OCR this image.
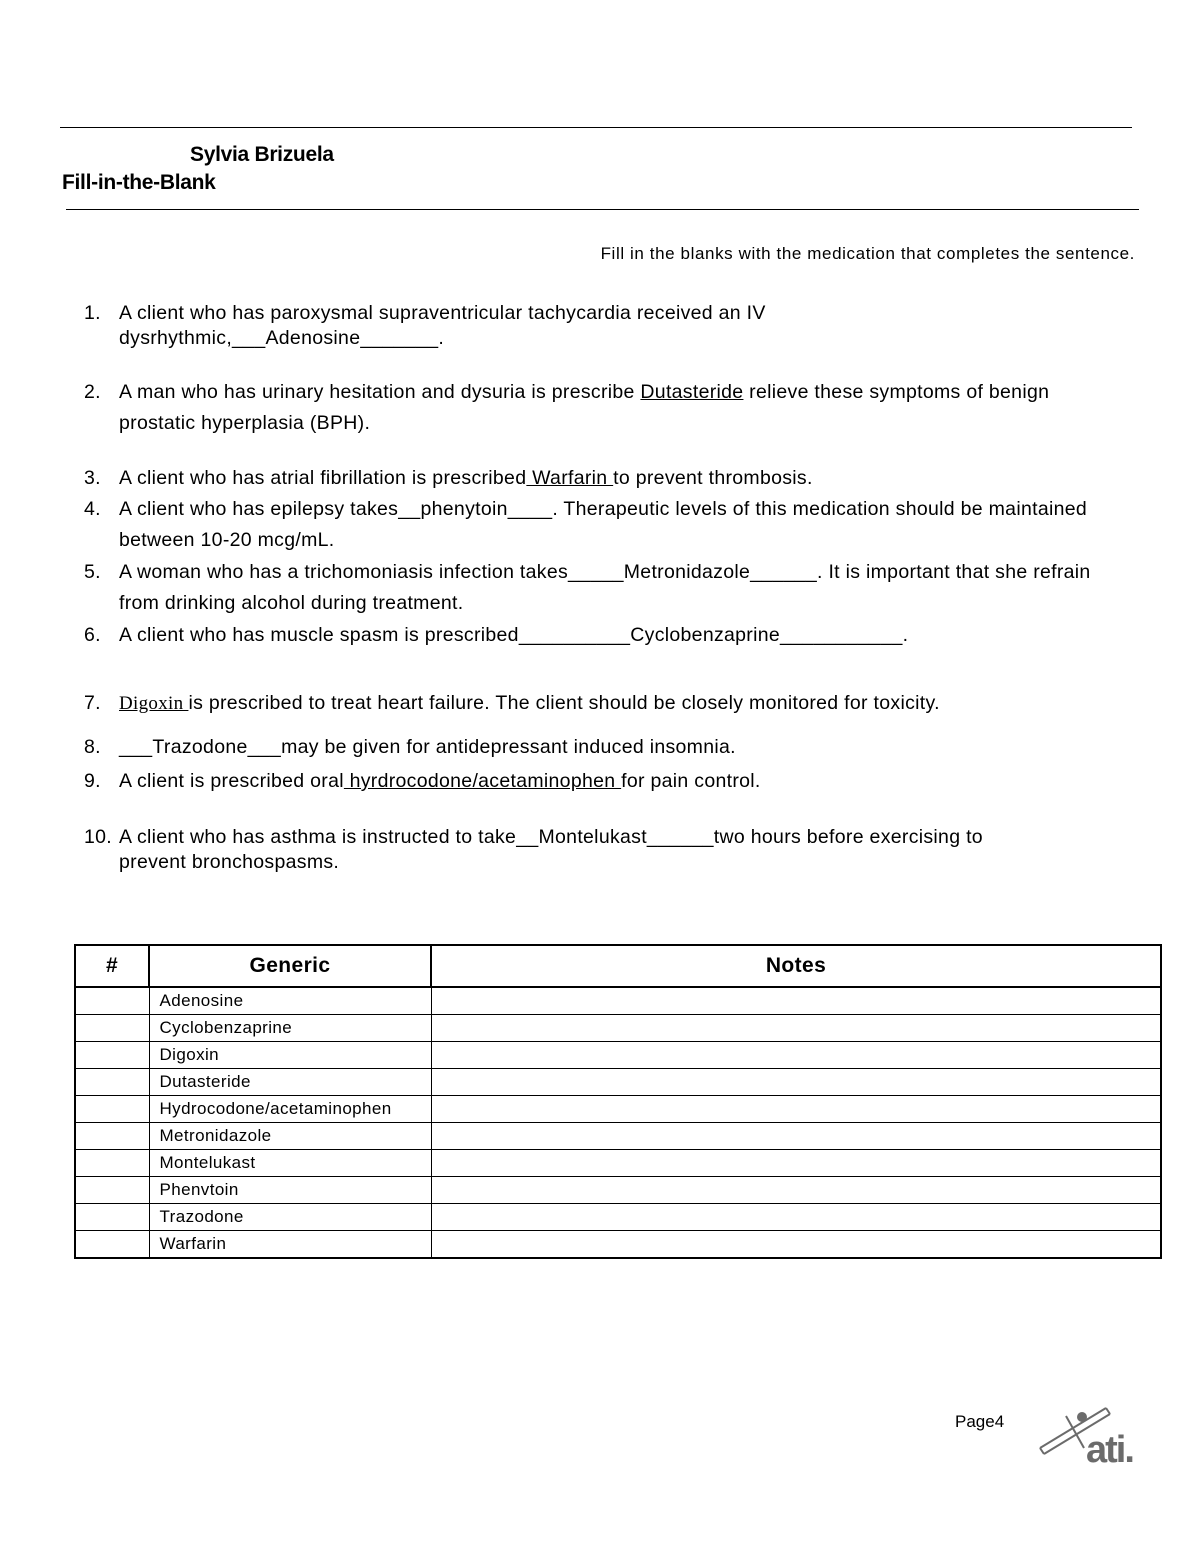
Sylvia Brizuela
Fill-in-the-Blank
Fill in the blanks with the medication that completes the sentence.
1. A client who has paroxysmal supraventricular tachycardia received an IV
dysrhythmic,___Adenosine_______.
2. A man who has urinary hesitation and dysuria is prescribe Dutasteride relieve these symptoms of benign prostatic hyperplasia (BPH).
3. A client who has atrial fibrillation is prescribed Warfarin to prevent thrombosis.
4. A client who has epilepsy takes__phenytoin____. Therapeutic levels of this medication should be maintained between 10-20 mcg/mL.
5. A woman who has a trichomoniasis infection takes_____Metronidazole______. It is important that she refrain from drinking alcohol during treatment.
6. A client who has muscle spasm is prescribed__________Cyclobenzaprine___________.
7. Digoxin is prescribed to treat heart failure. The client should be closely monitored for toxicity.
8. ___Trazodone___may be given for antidepressant induced insomnia.
9. A client is prescribed oral hyrdrocodone/acetaminophen for pain control.
10. A client who has asthma is instructed to take__Montelukast______two hours before exercising to
prevent bronchospasms.
#	Generic	Notes
	Adenosine	
	Cyclobenzaprine	
	Digoxin	
	Dutasteride	
	Hydrocodone/acetaminophen	
	Metronidazole	
	Montelukast	
	Phenvtoin	
	Trazodone	
	Warfarin	
Page4
ati.
